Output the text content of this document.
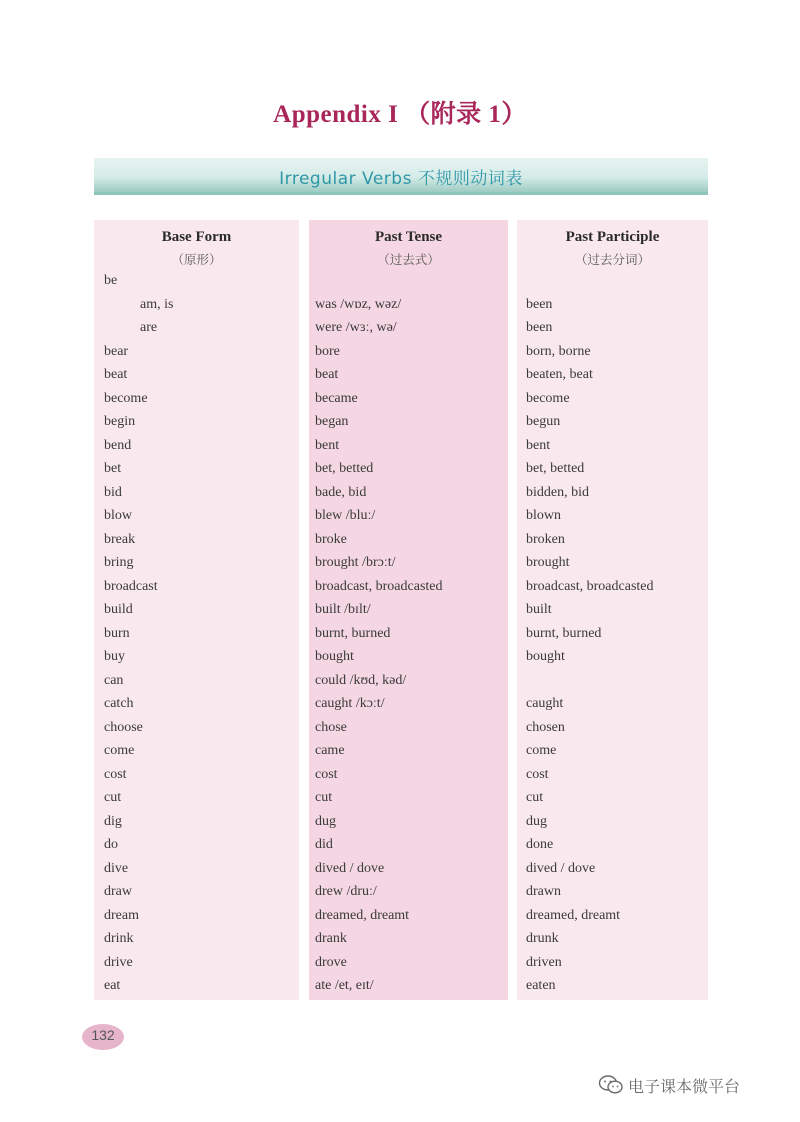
Appendix I （附录 1）
Irregular Verbs 不规则动词表
Base Form
（原形）
be
am, is
are
bear
beat
become
begin
bend
bet
bid
blow
break
bring
broadcast
build
burn
buy
can
catch
choose
come
cost
cut
dig
do
dive
draw
dream
drink
drive
eat
Past Tense
（过去式）
was /wɒz, wəz/
were /wɜː, wə/
bore
beat
became
began
bent
bet, betted
bade, bid
blew /bluː/
broke
brought /brɔːt/
broadcast, broadcasted
built /bɪlt/
burnt, burned
bought
could /kʊd, kəd/
caught /kɔːt/
chose
came
cost
cut
dug
did
dived / dove
drew /druː/
dreamed, dreamt
drank
drove
ate /et, eɪt/
Past Participle
（过去分词）
been
been
born, borne
beaten, beat
become
begun
bent
bet, betted
bidden, bid
blown
broken
brought
broadcast, broadcasted
built
burnt, burned
bought
caught
chosen
come
cost
cut
dug
done
dived / dove
drawn
dreamed, dreamt
drunk
driven
eaten
132
电子课本微平台
